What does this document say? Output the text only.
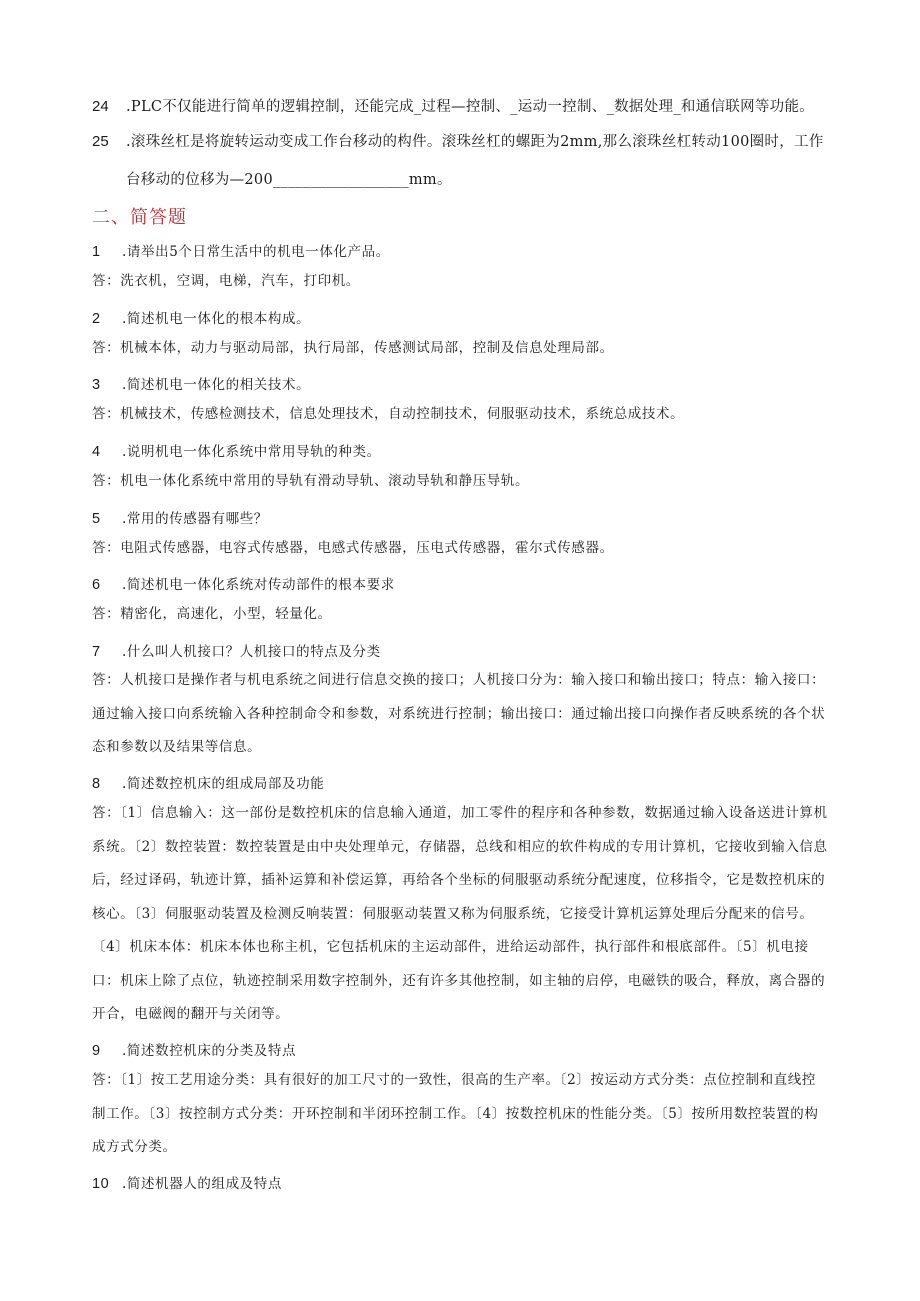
24 .PLC不仅能进行简单的逻辑控制，还能完成_过程—控制、_运动一控制、_数据处理_和通信联网等功能。
25 .滚珠丝杠是将旋转运动变成工作台移动的构件。滚珠丝杠的螺距为2mm,那么滚珠丝杠转动100圈时，工作
台移动的位移为—200__________________mm。
二、简答题
1 .请举出5个日常生活中的机电一体化产品。
答：洗衣机，空调，电梯，汽车，打印机。
2 .简述机电一体化的根本构成。
答：机械本体，动力与驱动局部，执行局部，传感测试局部，控制及信息处理局部。
3 .简述机电一体化的相关技术。
答：机械技术，传感检测技术，信息处理技术，自动控制技术，伺服驱动技术，系统总成技术。
4 .说明机电一体化系统中常用导轨的种类。
答：机电一体化系统中常用的导轨有滑动导轨、滚动导轨和静压导轨。
5 .常用的传感器有哪些？
答：电阻式传感器，电容式传感器，电感式传感器，压电式传感器，霍尔式传感器。
6 .简述机电一体化系统对传动部件的根本要求
答：精密化，高速化，小型，轻量化。
7 .什么叫人机接口？人机接口的特点及分类
答：人机接口是操作者与机电系统之间进行信息交换的接口；人机接口分为：输入接口和输出接口；特点：输入接口：通过输入接口向系统输入各种控制命令和参数，对系统进行控制；输出接口：通过输出接口向操作者反映系统的各个状态和参数以及结果等信息。
8 .简述数控机床的组成局部及功能
答：〔1〕信息输入：这一部份是数控机床的信息输入通道，加工零件的程序和各种参数，数据通过输入设备送进计算机系统。〔2〕数控装置：数控装置是由中央处理单元，存储器，总线和相应的软件构成的专用计算机，它接收到输入信息后，经过译码，轨迹计算，插补运算和补偿运算，再给各个坐标的伺服驱动系统分配速度，位移指令，它是数控机床的核心。〔3〕伺服驱动装置及检测反响装置：伺服驱动装置又称为伺服系统，它接受计算机运算处理后分配来的信号。〔4〕机床本体：机床本体也称主机，它包括机床的主运动部件，进给运动部件，执行部件和根底部件。〔5〕机电接口：机床上除了点位，轨迹控制采用数字控制外，还有许多其他控制，如主轴的启停，电磁铁的吸合，释放，离合器的开合，电磁阀的翻开与关闭等。
9 .简述数控机床的分类及特点
答：〔1〕按工艺用途分类：具有很好的加工尺寸的一致性，很高的生产率。〔2〕按运动方式分类：点位控制和直线控制工作。〔3〕按控制方式分类：开环控制和半闭环控制工作。〔4〕按数控机床的性能分类。〔5〕按所用数控装置的构成方式分类。
10 .简述机器人的组成及特点
